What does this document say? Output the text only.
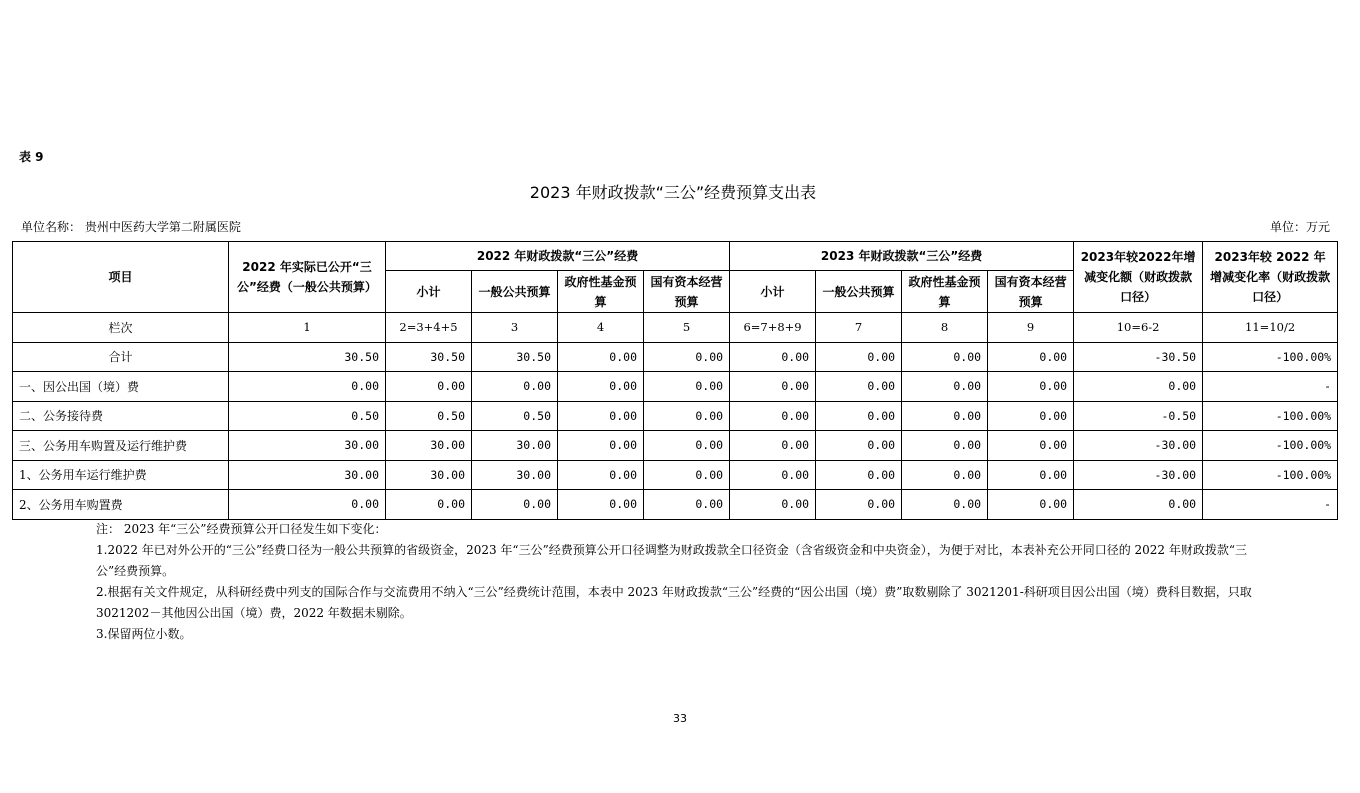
表 9
2023 年财政拨款“三公”经费预算支出表
单位名称： 贵州中医药大学第二附属医院	单位：万元
项目	2022 年实际已公开“三公”经费（一般公共预算）	2022 年财政拨款“三公”经费				2023 年财政拨款“三公”经费				2023年较2022年增减变化额（财政拨款口径）	2023年较 2022 年增减变化率（财政拨款口径）
		小计	一般公共预算	政府性基金预算	国有资本经营预算	小计	一般公共预算	政府性基金预算	国有资本经营预算		
栏次	1	2=3+4+5	3	4	5	6=7+8+9	7	8	9	10=6-2	11=10/2
合计	30.50	30.50	30.50	0.00	0.00	0.00	0.00	0.00	0.00	-30.50	-100.00%
一、因公出国（境）费	0.00	0.00	0.00	0.00	0.00	0.00	0.00	0.00	0.00	0.00	-
二、公务接待费	0.50	0.50	0.50	0.00	0.00	0.00	0.00	0.00	0.00	-0.50	-100.00%
三、公务用车购置及运行维护费	30.00	30.00	30.00	0.00	0.00	0.00	0.00	0.00	0.00	-30.00	-100.00%
1、公务用车运行维护费	30.00	30.00	30.00	0.00	0.00	0.00	0.00	0.00	0.00	-30.00	-100.00%
2、公务用车购置费	0.00	0.00	0.00	0.00	0.00	0.00	0.00	0.00	0.00	0.00	-

注： 2023 年“三公”经费预算公开口径发生如下变化：

1.2022 年已对外公开的“三公”经费口径为一般公共预算的省级资金，2023 年“三公”经费预算公开口径调整为财政拨款全口径资金（含省级资金和中央资金），为便于对比，本表补充公开同口径的 2022 年财政拨款“三公”经费预算。

2.根据有关文件规定，从科研经费中列支的国际合作与交流费用不纳入“三公”经费统计范围，本表中 2023 年财政拨款“三公”经费的“因公出国（境）费”取数剔除了 3021201-科研项目因公出国（境）费科目数据，只取 3021202－其他因公出国（境）费，2022 年数据未剔除。

3.保留两位小数。

33
